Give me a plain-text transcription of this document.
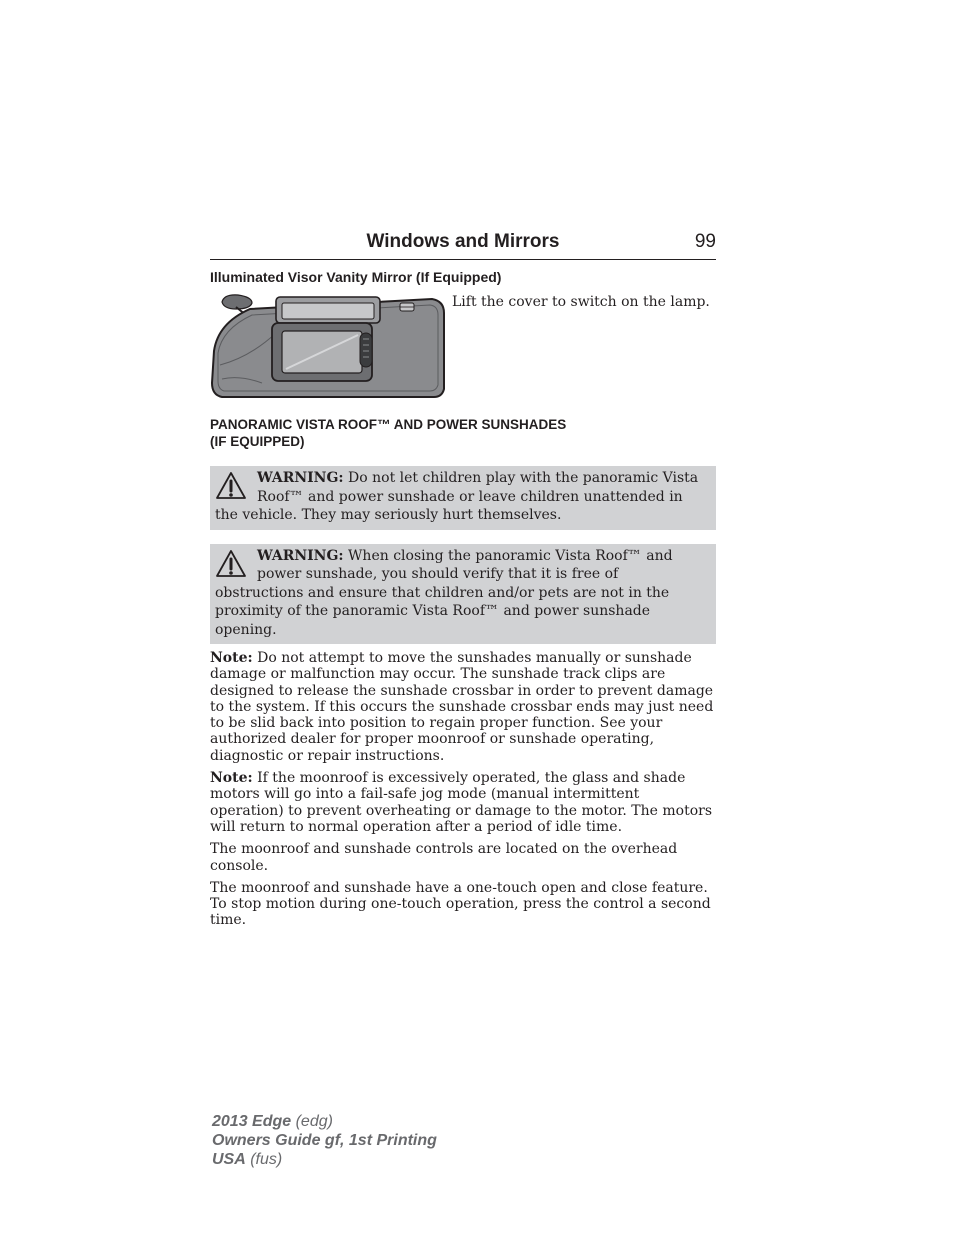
Windows and Mirrors	99
Illuminated Visor Vanity Mirror (If Equipped)
Lift the cover to switch on the lamp.
PANORAMIC VISTA ROOF™ AND POWER SUNSHADES
(IF EQUIPPED)
WARNING: Do not let children play with the panoramic Vista Roof™ and power sunshade or leave children unattended in the vehicle. They may seriously hurt themselves.
WARNING: When closing the panoramic Vista Roof™ and power sunshade, you should verify that it is free of obstructions and ensure that children and/or pets are not in the proximity of the panoramic Vista Roof™ and power sunshade opening.
Note: Do not attempt to move the sunshades manually or sunshade damage or malfunction may occur. The sunshade track clips are designed to release the sunshade crossbar in order to prevent damage to the system. If this occurs the sunshade crossbar ends may just need to be slid back into position to regain proper function. See your authorized dealer for proper moonroof or sunshade operating, diagnostic or repair instructions.
Note: If the moonroof is excessively operated, the glass and shade motors will go into a fail-safe jog mode (manual intermittent operation) to prevent overheating or damage to the motor. The motors will return to normal operation after a period of idle time.
The moonroof and sunshade controls are located on the overhead console.
The moonroof and sunshade have a one-touch open and close feature. To stop motion during one-touch operation, press the control a second time.
2013 Edge (edg)
Owners Guide gf, 1st Printing
USA (fus)
